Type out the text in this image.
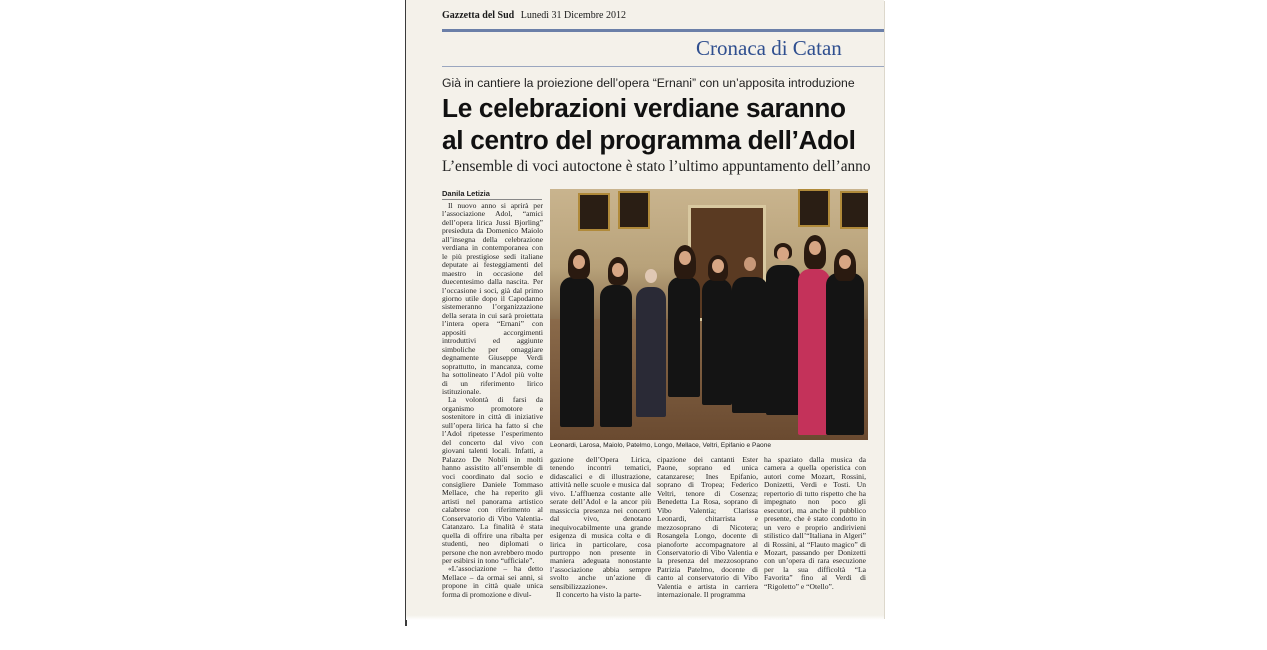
Gazzetta del Sud Lunedì 31 Dicembre 2012
Cronaca di Catan
Già in cantiere la proiezione dell’opera “Ernani” con un’apposita introduzione
Le celebrazioni verdiane saranno
al centro del programma dell’Adol
L’ensemble di voci autoctone è stato l’ultimo appuntamento dell’anno
Danila Letizia

Il nuovo anno si aprirà per l’associazione Adol, “amici dell’opera lirica Jussi Bjorling” presieduta da Domenico Maiolo all’insegna della celebrazione verdiana in contemporanea con le più prestigiose sedi italiane deputate ai festeggiamenti del maestro in occasione del duecentesimo dalla nascita. Per l’occasione i soci, già dal primo giorno utile dopo il Capodanno sistemeranno l’organizzazione della serata in cui sarà proiettata l’intera opera “Ernani” con appositi accorgimenti introduttivi ed aggiunte simboliche per omaggiare degnamente Giuseppe Verdi soprattutto, in mancanza, come ha sottolineato l’Adol più volte di un riferimento lirico istituzionale.

La volontà di farsi da organismo promotore e sostenitore in città di iniziative sull’opera lirica ha fatto sì che l’Adol ripetesse l’esperimento del concerto dal vivo con giovani talenti locali. Infatti, a Palazzo De Nobili in molti hanno assistito all’ensemble di voci coordinato dal socio e consigliere Daniele Tommaso Mellace, che ha reperito gli artisti nel panorama artistico calabrese con riferimento al Conservatorio di Vibo Valentia-Catanzaro. La finalità è stata quella di offrire una ribalta per studenti, neo diplomati o persone che non avrebbero modo per esibirsi in tono “ufficiale”.

«L’associazione – ha detto Mellace – da ormai sei anni, si propone in città quale unica forma di promozione e divul-

Leonardi, Larosa, Maiolo, Patelmo, Longo, Mellace, Veltri, Epifanio e Paone

gazione dell’Opera Lirica, tenendo incontri tematici, didascalici e di illustrazione, attività nelle scuole e musica dal vivo. L’affluenza costante alle serate dell’Adol e la ancor più massiccia presenza nei concerti dal vivo, denotano inequivocabilmente una grande esigenza di musica colta e di lirica in particolare, cosa purtroppo non presente in maniera adeguata nonostante l’associazione abbia sempre svolto anche un’azione di sensibilizzazione».

Il concerto ha visto la parte-

cipazione dei cantanti Ester Paone, soprano ed unica catanzarese; Ines Epifanio, soprano di Tropea; Federico Veltri, tenore di Cosenza; Benedetta La Rosa, soprano di Vibo Valentia; Clarissa Leonardi, chitarrista e mezzosoprano di Nicotera; Rosangela Longo, docente di pianoforte accompagnatore al Conservatorio di Vibo Valentia e la presenza del mezzosoprano Patrizia Patelmo, docente di canto al conservatorio di Vibo Valentia e artista in carriera internazionale. Il programma

ha spaziato dalla musica da camera a quella operistica con autori come Mozart, Rossini, Donizetti, Verdi e Tosti. Un repertorio di tutto rispetto che ha impegnato non poco gli esecutori, ma anche il pubblico presente, che è stato condotto in un vero e proprio andirivieni stilistico dall’“Italiana in Algeri” di Rossini, al “Flauto magico” di Mozart, passando per Donizetti con un’opera di rara esecuzione per la sua difficoltà “La Favorita” fino al Verdi di “Rigoletto” e “Otello”.
